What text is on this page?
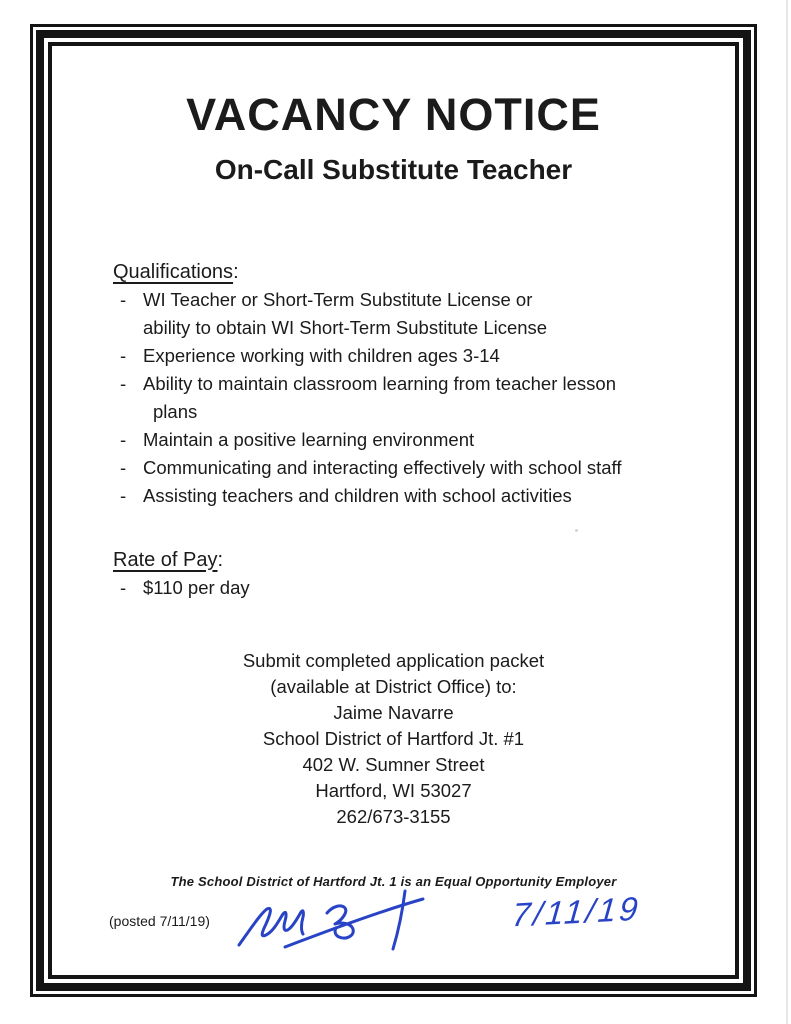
VACANCY NOTICE
On-Call Substitute Teacher
Qualifications:
- WI Teacher or Short-Term Substitute License or
ability to obtain WI Short-Term Substitute License
- Experience working with children ages 3-14
- Ability to maintain classroom learning from teacher lesson
plans
- Maintain a positive learning environment
- Communicating and interacting effectively with school staff
- Assisting teachers and children with school activities
Rate of Pay:
- $110 per day
Submit completed application packet
(available at District Office) to:
Jaime Navarre
School District of Hartford Jt. #1
402 W. Sumner Street
Hartford, WI 53027
262/673-3155
The School District of Hartford Jt. 1 is an Equal Opportunity Employer
(posted 7/11/19)	7/11/19
